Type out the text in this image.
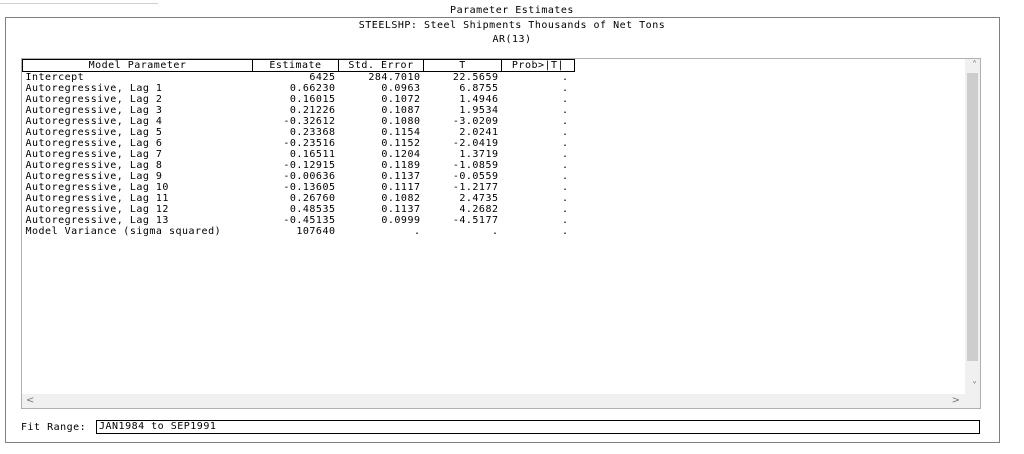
Parameter Estimates
STEELSHP: Steel Shipments Thousands of Net Tons
AR(13)
Model Parameter	Estimate	Std. Error	T	Prob>|T|
Intercept	6425	284.7010	22.5659	.
Autoregressive, Lag 1	0.66230	0.0963	6.8755	.
Autoregressive, Lag 2	0.16015	0.1072	1.4946	.
Autoregressive, Lag 3	0.21226	0.1087	1.9534	.
Autoregressive, Lag 4	-0.32612	0.1080	-3.0209	.
Autoregressive, Lag 5	0.23368	0.1154	2.0241	.
Autoregressive, Lag 6	-0.23516	0.1152	-2.0419	.
Autoregressive, Lag 7	0.16511	0.1204	1.3719	.
Autoregressive, Lag 8	-0.12915	0.1189	-1.0859	.
Autoregressive, Lag 9	-0.00636	0.1137	-0.0559	.
Autoregressive, Lag 10	-0.13605	0.1117	-1.2177	.
Autoregressive, Lag 11	0.26760	0.1082	2.4735	.
Autoregressive, Lag 12	0.48535	0.1137	4.2682	.
Autoregressive, Lag 13	-0.45135	0.0999	-4.5177	.
Model Variance (sigma squared)	107640	.	.	.
˄
˅
<	>
Fit Range:	JAN1984 to SEP1991
